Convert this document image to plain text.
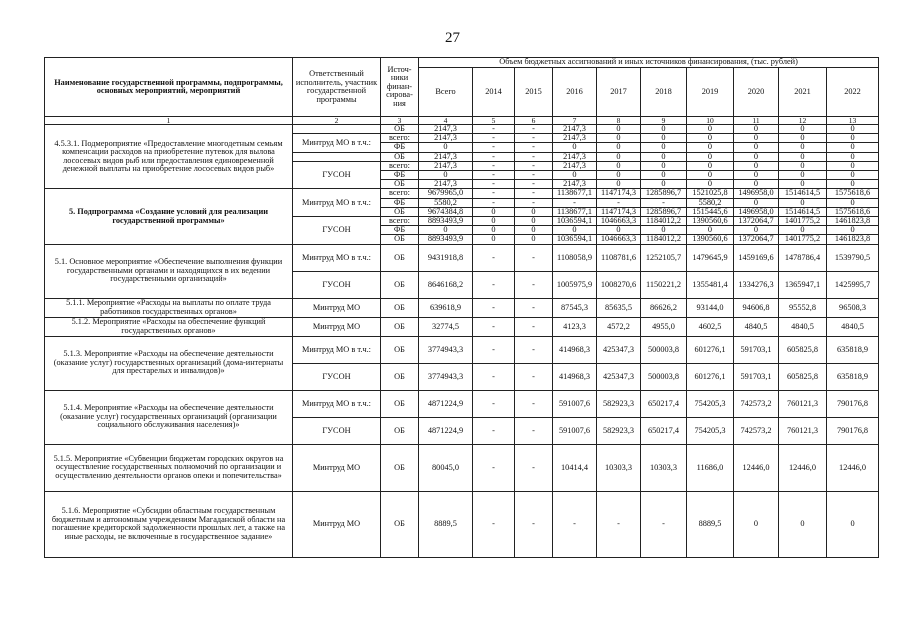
27
Наименование государственной программы, подпрограммы, основных мероприятий, мероприятий	Ответственный исполнитель, участник государственной программы	Источ-ники финан-сирова-ния	Объем бюджетных ассигнований и иных источников финансирования, (тыс. рублей)									
			Всего	2014	2015	2016	2017	2018	2019	2020	2021	2022
1	2	3	4	5	6	7	8	9	10	11	12	13
4.5.3.1. Подмероприятие «Предоставление многодетным семьям компенсации расходов на приобретение путевок для вылова лососевых видов рыб или предоставления единовременной денежной выплаты на приобретение лососевых видов рыб»		ОБ	2147,3	-	-	2147,3	0	0	0	0	0	0
	Минтруд МО в т.ч.:	всего:	2147,3	-	-	2147,3	0	0	0	0	0	0
		ФБ	0	-	-	0	0	0	0	0	0	0
		ОБ	2147,3	-	-	2147,3	0	0	0	0	0	0
	ГУСОН	всего:	2147,3	-	-	2147,3	0	0	0	0	0	0
		ФБ	0	-	-	0	0	0	0	0	0	0
		ОБ	2147,3	-	-	2147,3	0	0	0	0	0	0
5. Подпрограмма «Создание условий для реализации государственной программы»	Минтруд МО в т.ч.:	всего:	9679965,0	-	-	1138677,1	1147174,3	1285896,7	1521025,8	1496958,0	1514614,5	1575618,6
		ФБ	5580,2	-	-	-	-	-	5580,2	0	0	0
		ОБ	9674384,8	0	0	1138677,1	1147174,3	1285896,7	1515445,6	1496958,0	1514614,5	1575618,6
	ГУСОН	всего:	8893493,9	0	0	1036594,1	1046663,3	1184012,2	1390560,6	1372064,7	1401775,2	1461823,8
		ФБ	0	0	0	0	0	0	0	0	0	0
		ОБ	8893493,9	0	0	1036594,1	1046663,3	1184012,2	1390560,6	1372064,7	1401775,2	1461823,8
5.1. Основное мероприятие «Обеспечение выполнения функции государственными органами и находящихся в их ведении государственными организаций»	Минтруд МО в т.ч.:	ОБ	9431918,8	-	-	1108058,9	1108781,6	1252105,7	1479645,9	1459169,6	1478786,4	1539790,5
	ГУСОН	ОБ	8646168,2	-	-	1005975,9	1008270,6	1150221,2	1355481,4	1334276,3	1365947,1	1425995,7
5.1.1. Мероприятие «Расходы на выплаты по оплате труда работников государственных органов»	Минтруд МО	ОБ	639618,9	-	-	87545,3	85635,5	86626,2	93144,0	94606,8	95552,8	96508,3
5.1.2. Мероприятие «Расходы на обеспечение функций государственных органов»	Минтруд МО	ОБ	32774,5	-	-	4123,3	4572,2	4955,0	4602,5	4840,5	4840,5	4840,5
5.1.3. Мероприятие «Расходы на обеспечение деятельности (оказание услуг) государственных организаций (дома-интернаты для престарелых и инвалидов)»	Минтруд МО в т.ч.:	ОБ	3774943,3	-	-	414968,3	425347,3	500003,8	601276,1	591703,1	605825,8	635818,9
	ГУСОН	ОБ	3774943,3	-	-	414968,3	425347,3	500003,8	601276,1	591703,1	605825,8	635818,9
5.1.4. Мероприятие «Расходы на обеспечение деятельности (оказание услуг) государственных организаций (организации социального обслуживания населения)»	Минтруд МО в т.ч.:	ОБ	4871224,9	-	-	591007,6	582923,3	650217,4	754205,3	742573,2	760121,3	790176,8
	ГУСОН	ОБ	4871224,9	-	-	591007,6	582923,3	650217,4	754205,3	742573,2	760121,3	790176,8
5.1.5. Мероприятие «Субвенции бюджетам городских округов на осуществление государственных полномочий по организации и осуществлению деятельности органов опеки и попечительства»	Минтруд МО	ОБ	80045,0	-	-	10414,4	10303,3	10303,3	11686,0	12446,0	12446,0	12446,0
5.1.6. Мероприятие «Субсидии областным государственным бюджетным и автономным учреждениям Магаданской области на погашение кредиторской задолженности прошлых лет, а также на иные расходы, не включенные в государственное задание»	Минтруд МО	ОБ	8889,5	-	-	-	-	-	8889,5	0	0	0
